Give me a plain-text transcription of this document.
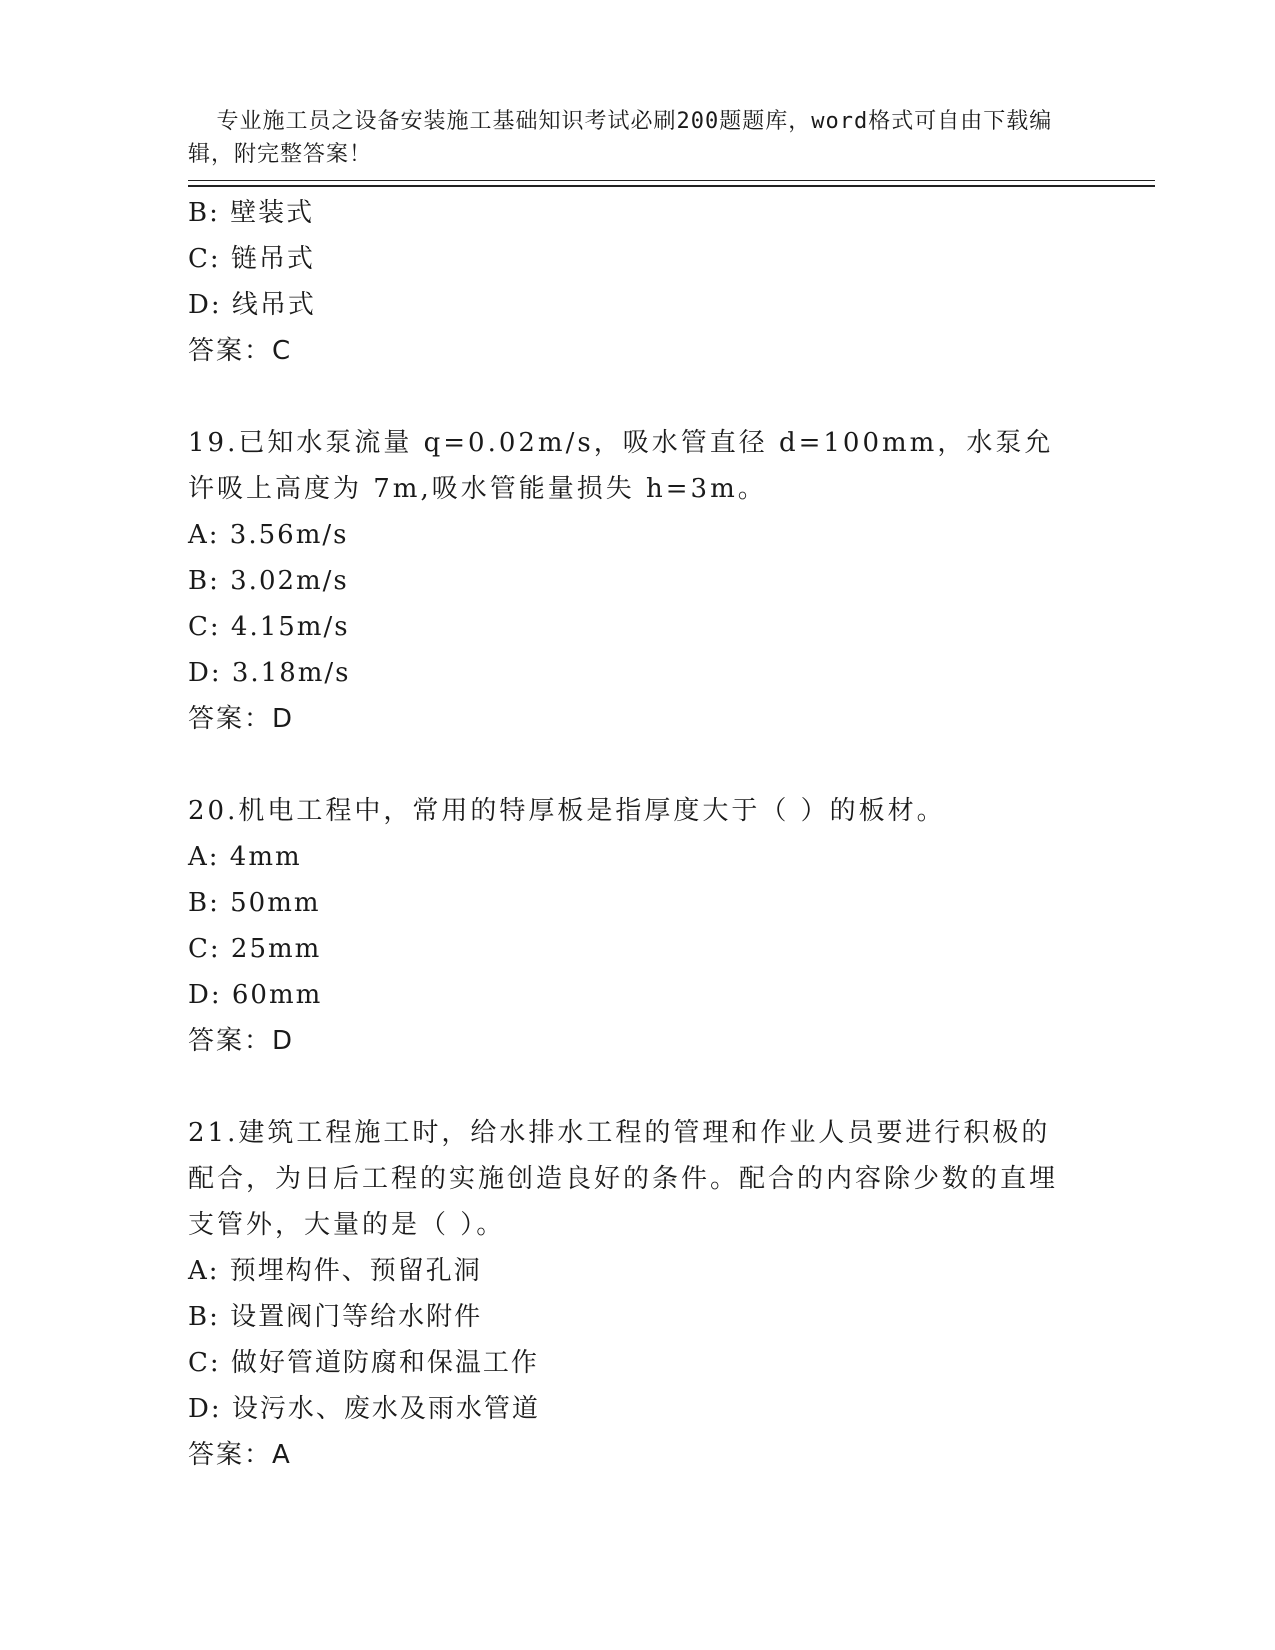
专业施工员之设备安装施工基础知识考试必刷200题题库，word格式可自由下载编辑，附完整答案！

B: 壁装式
C: 链吊式
D: 线吊式
答案：C
19.已知水泵流量 q=0.02m/s，吸水管直径 d=100mm，水泵允许吸上高度为 7m,吸水管能量损失 h=3m。
A: 3.56m/s
B: 3.02m/s
C: 4.15m/s
D: 3.18m/s
答案：D
20.机电工程中，常用的特厚板是指厚度大于（ ）的板材。
A: 4mm
B: 50mm
C: 25mm
D: 60mm
答案：D
21.建筑工程施工时，给水排水工程的管理和作业人员要进行积极的配合，为日后工程的实施创造良好的条件。配合的内容除少数的直埋支管外，大量的是（ ）。
A: 预埋构件、预留孔洞
B: 设置阀门等给水附件
C: 做好管道防腐和保温工作
D: 设污水、废水及雨水管道
答案：A
